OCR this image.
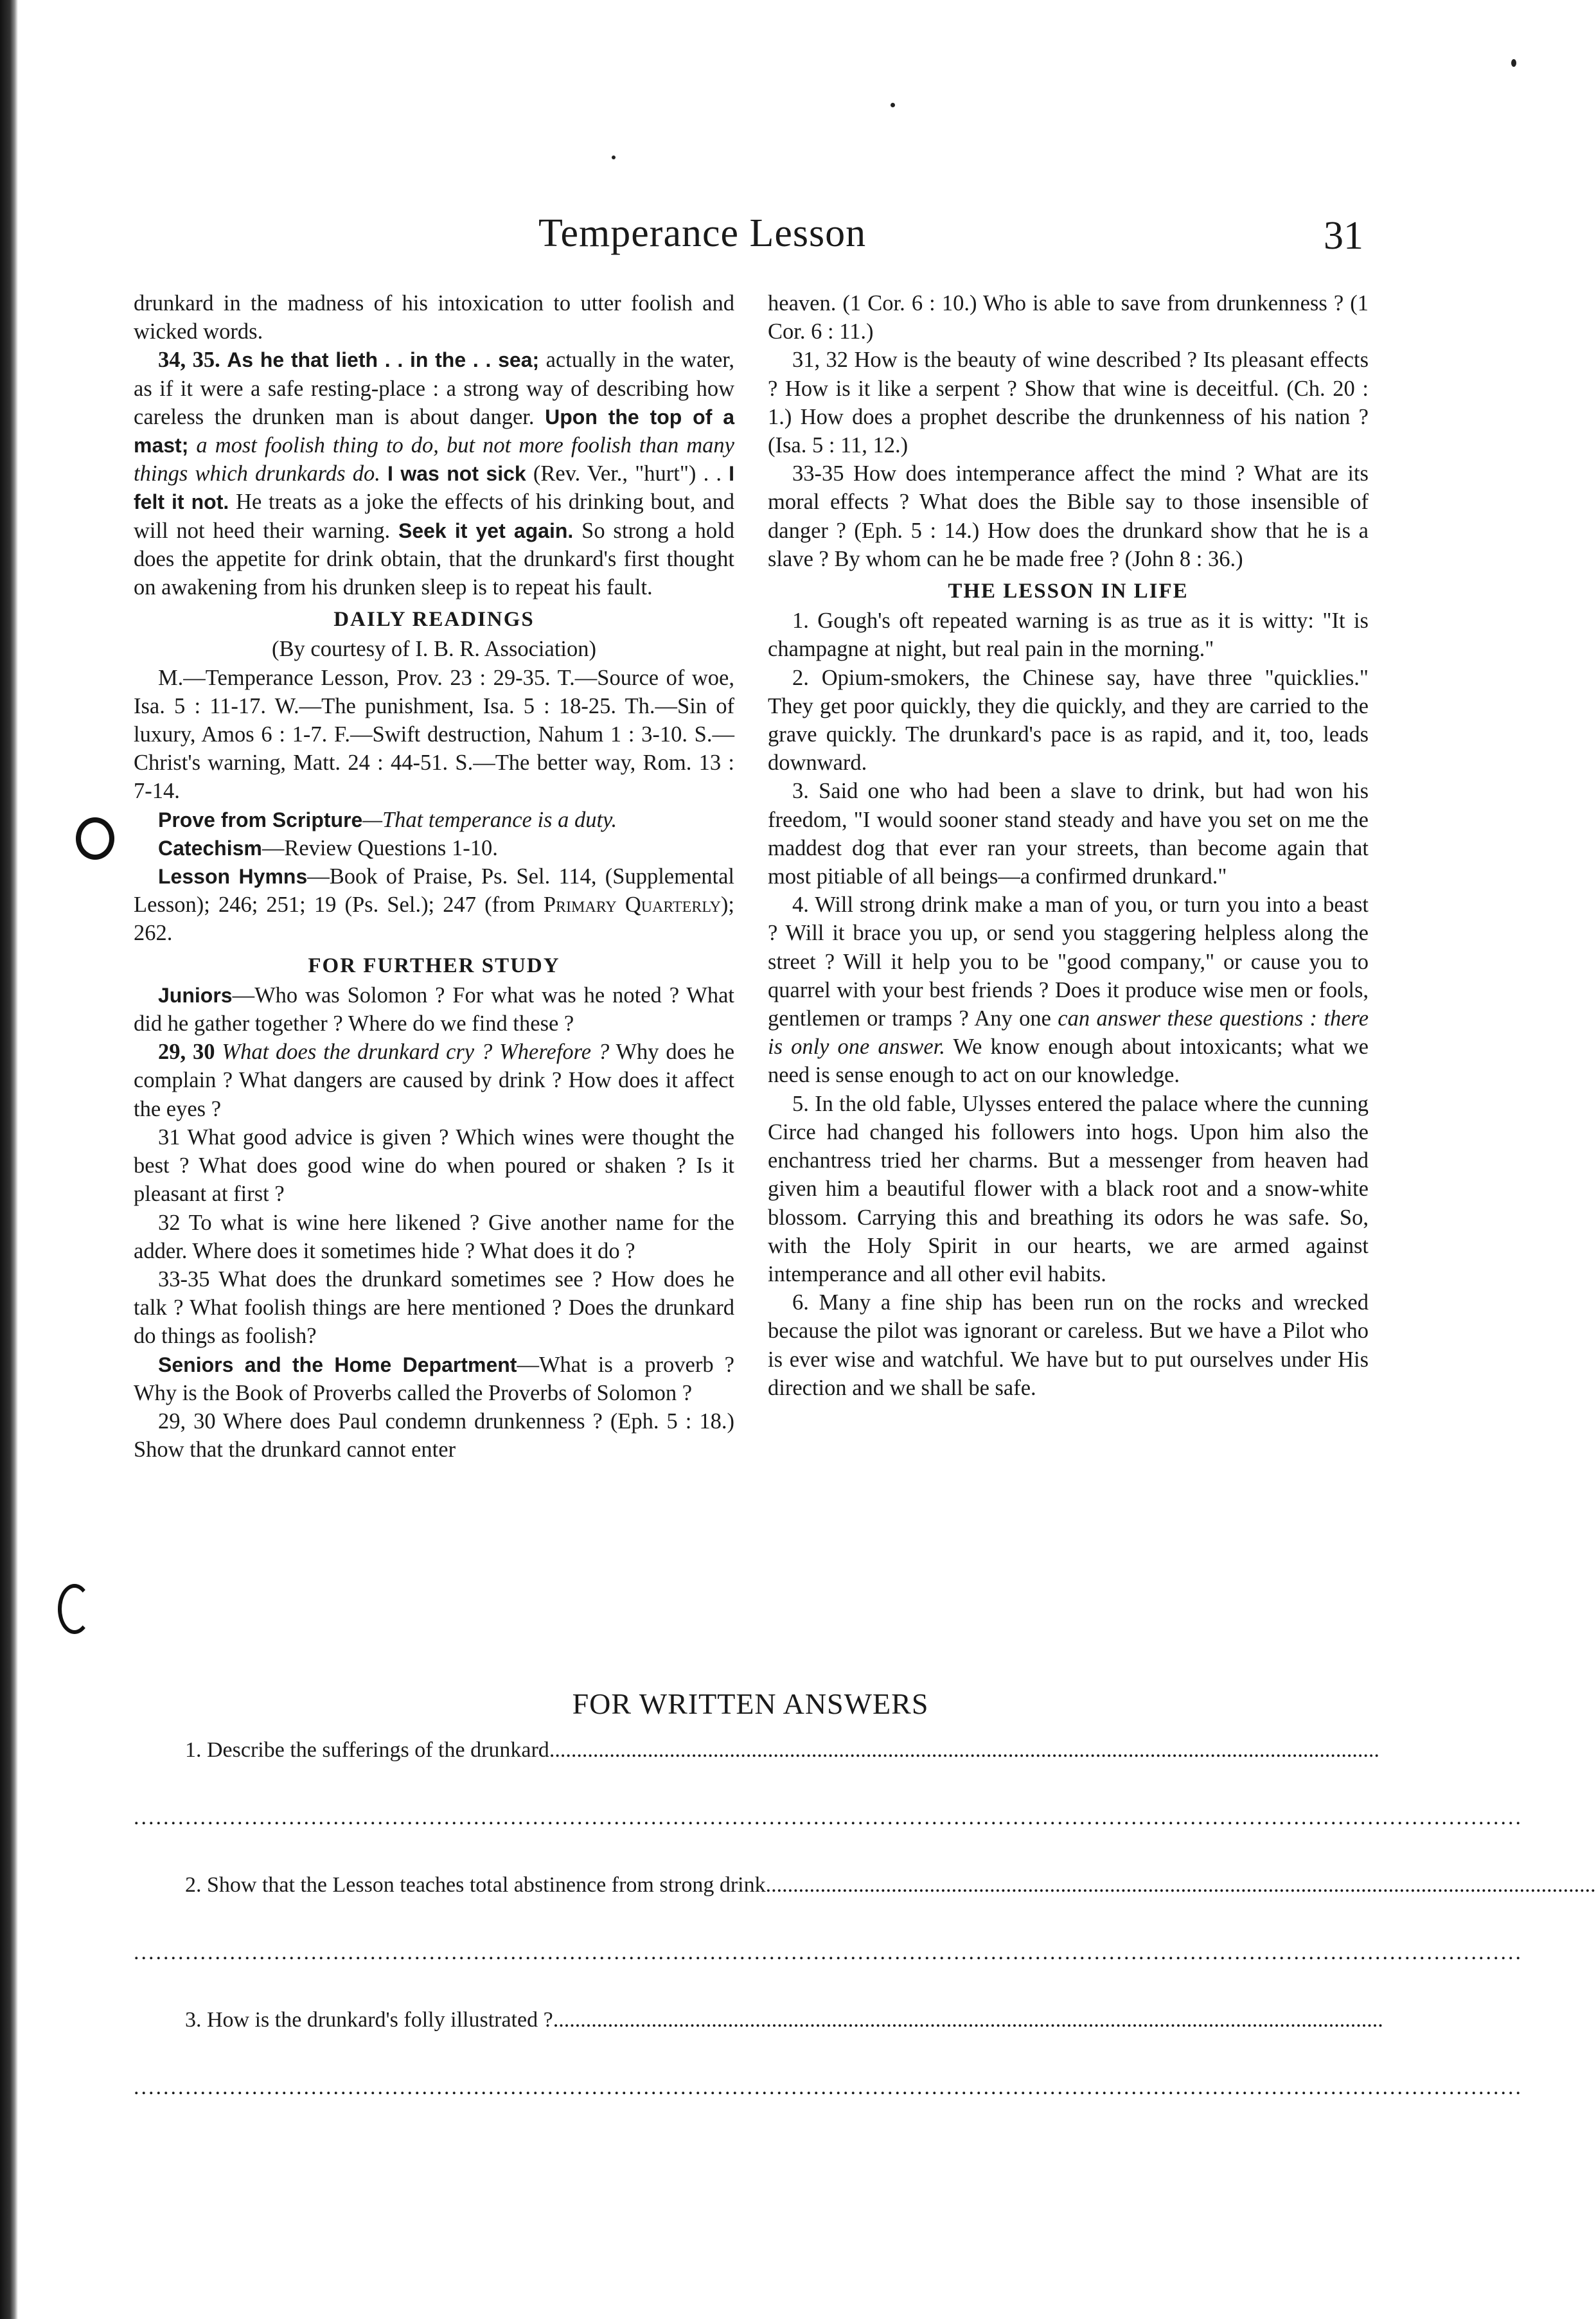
Temperance Lesson	31

drunkard in the madness of his intoxication to utter foolish and wicked words.

34, 35. As he that lieth . . in the . . sea; actually in the water, as if it were a safe resting-place : a strong way of describing how careless the drunken man is about danger. Upon the top of a mast; a most foolish thing to do, but not more foolish than many things which drunkards do. I was not sick (Rev. Ver., "hurt") . . I felt it not. He treats as a joke the effects of his drinking bout, and will not heed their warning. Seek it yet again. So strong a hold does the appetite for drink obtain, that the drunkard's first thought on awakening from his drunken sleep is to repeat his fault.

DAILY READINGS

(By courtesy of I. B. R. Association)

M.—Temperance Lesson, Prov. 23 : 29-35. T.—Source of woe, Isa. 5 : 11-17. W.—The punishment, Isa. 5 : 18-25. Th.—Sin of luxury, Amos 6 : 1-7. F.—Swift destruction, Nahum 1 : 3-10. S.—Christ's warning, Matt. 24 : 44-51. S.—The better way, Rom. 13 : 7-14.

Prove from Scripture—That temperance is a duty.

Catechism—Review Questions 1-10.

Lesson Hymns—Book of Praise, Ps. Sel. 114, (Supplemental Lesson); 246; 251; 19 (Ps. Sel.); 247 (from Primary Quarterly); 262.

FOR FURTHER STUDY

Juniors—Who was Solomon ? For what was he noted ? What did he gather together ? Where do we find these ?

29, 30 What does the drunkard cry ? Wherefore ? Why does he complain ? What dangers are caused by drink ? How does it affect the eyes ?

31 What good advice is given ? Which wines were thought the best ? What does good wine do when poured or shaken ? Is it pleasant at first ?

32 To what is wine here likened ? Give another name for the adder. Where does it sometimes hide ? What does it do ?

33-35 What does the drunkard sometimes see ? How does he talk ? What foolish things are here mentioned ? Does the drunkard do things as foolish?

Seniors and the Home Department—What is a proverb ? Why is the Book of Proverbs called the Proverbs of Solomon ?

29, 30 Where does Paul condemn drunkenness ? (Eph. 5 : 18.) Show that the drunkard cannot enter

heaven. (1 Cor. 6 : 10.) Who is able to save from drunkenness ? (1 Cor. 6 : 11.)

31, 32 How is the beauty of wine described ? Its pleasant effects ? How is it like a serpent ? Show that wine is deceitful. (Ch. 20 : 1.) How does a prophet describe the drunkenness of his nation ? (Isa. 5 : 11, 12.)

33-35 How does intemperance affect the mind ? What are its moral effects ? What does the Bible say to those insensible of danger ? (Eph. 5 : 14.) How does the drunkard show that he is a slave ? By whom can he be made free ? (John 8 : 36.)

THE LESSON IN LIFE

1. Gough's oft repeated warning is as true as it is witty: "It is champagne at night, but real pain in the morning."

2. Opium-smokers, the Chinese say, have three "quicklies." They get poor quickly, they die quickly, and they are carried to the grave quickly. The drunkard's pace is as rapid, and it, too, leads downward.

3. Said one who had been a slave to drink, but had won his freedom, "I would sooner stand steady and have you set on me the maddest dog that ever ran your streets, than become again that most pitiable of all beings—a confirmed drunkard."

4. Will strong drink make a man of you, or turn you into a beast ? Will it brace you up, or send you staggering helpless along the street ? Will it help you to be "good company," or cause you to quarrel with your best friends ? Does it produce wise men or fools, gentlemen or tramps ? Any one can answer these questions : there is only one answer. We know enough about intoxicants; what we need is sense enough to act on our knowledge.

5. In the old fable, Ulysses entered the palace where the cunning Circe had changed his followers into hogs. Upon him also the enchantress tried her charms. But a messenger from heaven had given him a beautiful flower with a black root and a snow-white blossom. Carrying this and breathing its odors he was safe. So, with the Holy Spirit in our hearts, we are armed against intemperance and all other evil habits.

6. Many a fine ship has been run on the rocks and wrecked because the pilot was ignorant or careless. But we have a Pilot who is ever wise and watchful. We have but to put ourselves under His direction and we shall be safe.

FOR WRITTEN ANSWERS
1. Describe the sufferings of the drunkard........................................................................................................................................................
............................................................................................................................................................................................
2. Show that the Lesson teaches total abstinence from strong drink........................................................................................................................................................
............................................................................................................................................................................................
3. How is the drunkard's folly illustrated ?........................................................................................................................................................
............................................................................................................................................................................................
